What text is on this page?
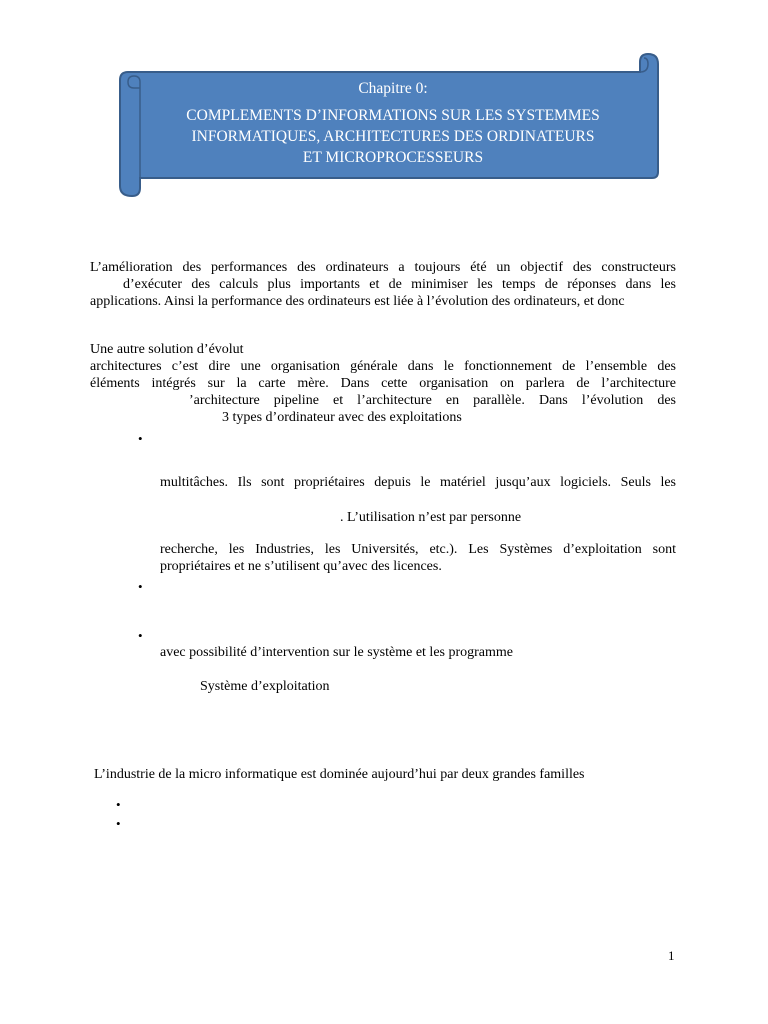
Chapitre 0:
COMPLEMENTS D’INFORMATIONS SUR LES SYSTEMMES
INFORMATIQUES, ARCHITECTURES DES ORDINATEURS
ET MICROPROCESSEURS
L’amélioration des performances des ordinateurs a toujours été un objectif des constructeurs
d’exécuter des calculs plus importants et de minimiser les temps de réponses dans les
applications. Ainsi la performance des ordinateurs est liée à l’évolution des ordinateurs, et donc
Une autre solution d’évolut
architectures c’est dire une organisation générale dans le fonctionnement de l’ensemble des
éléments intégrés sur la carte mère. Dans cette organisation on parlera de l’architecture
’architecture pipeline et l’architecture en parallèle. Dans l’évolution des
3 types d’ordinateur avec des exploitations
•
multitâches. Ils sont propriétaires depuis le matériel jusqu’aux logiciels. Seuls les
. L’utilisation n’est par personne
recherche, les Industries, les Universités, etc.). Les Systèmes d’exploitation sont
propriétaires et ne s’utilisent qu’avec des licences.
•
•
avec possibilité d’intervention sur le système et les programme
Système d’exploitation
L’industrie de la micro informatique est dominée aujourd’hui par deux grandes familles
•
•
1
